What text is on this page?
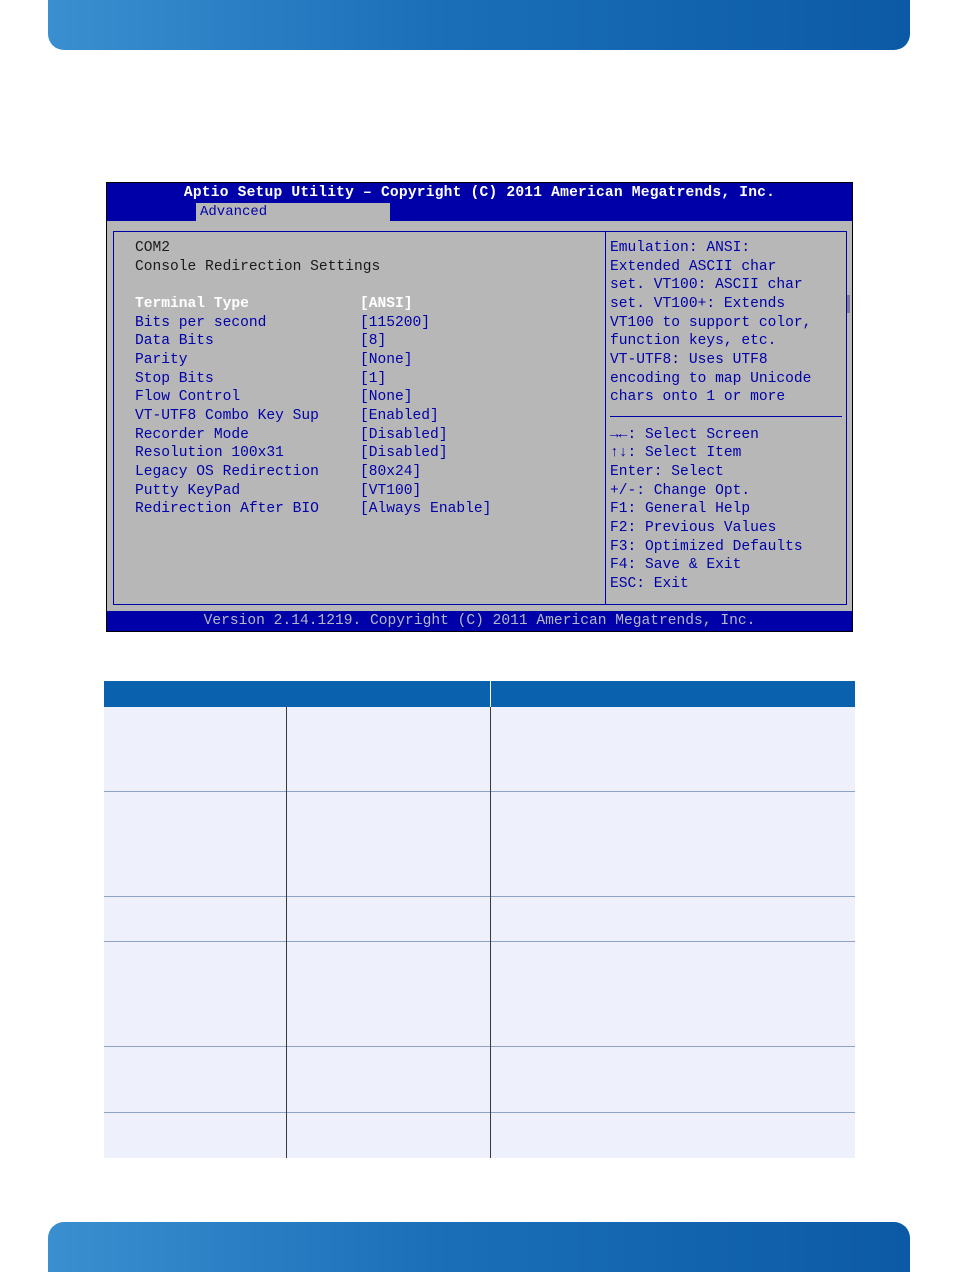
Aptio Setup Utility – Copyright (C) 2011 American Megatrends, Inc.
Advanced
COM2
Console Redirection Settings
Terminal Type	[ANSI]
Bits per second	[115200]
Data Bits	[8]
Parity	[None]
Stop Bits	[1]
Flow Control	[None]
VT-UTF8 Combo Key Sup	[Enabled]
Recorder Mode	[Disabled]
Resolution 100x31	[Disabled]
Legacy OS Redirection	[80x24]
Putty KeyPad	[VT100]
Redirection After BIO	[Always Enable]
Emulation: ANSI:
Extended ASCII char
set. VT100: ASCII char
set. VT100+: Extends
VT100 to support color,
function keys, etc.
VT-UTF8: Uses UTF8
encoding to map Unicode
chars onto 1 or more
→←: Select Screen
↑↓: Select Item
Enter: Select
+/-: Change Opt.
F1: General Help
F2: Previous Values
F3: Optimized Defaults
F4: Save & Exit
ESC: Exit
Version 2.14.1219. Copyright (C) 2011 American Megatrends, Inc.
